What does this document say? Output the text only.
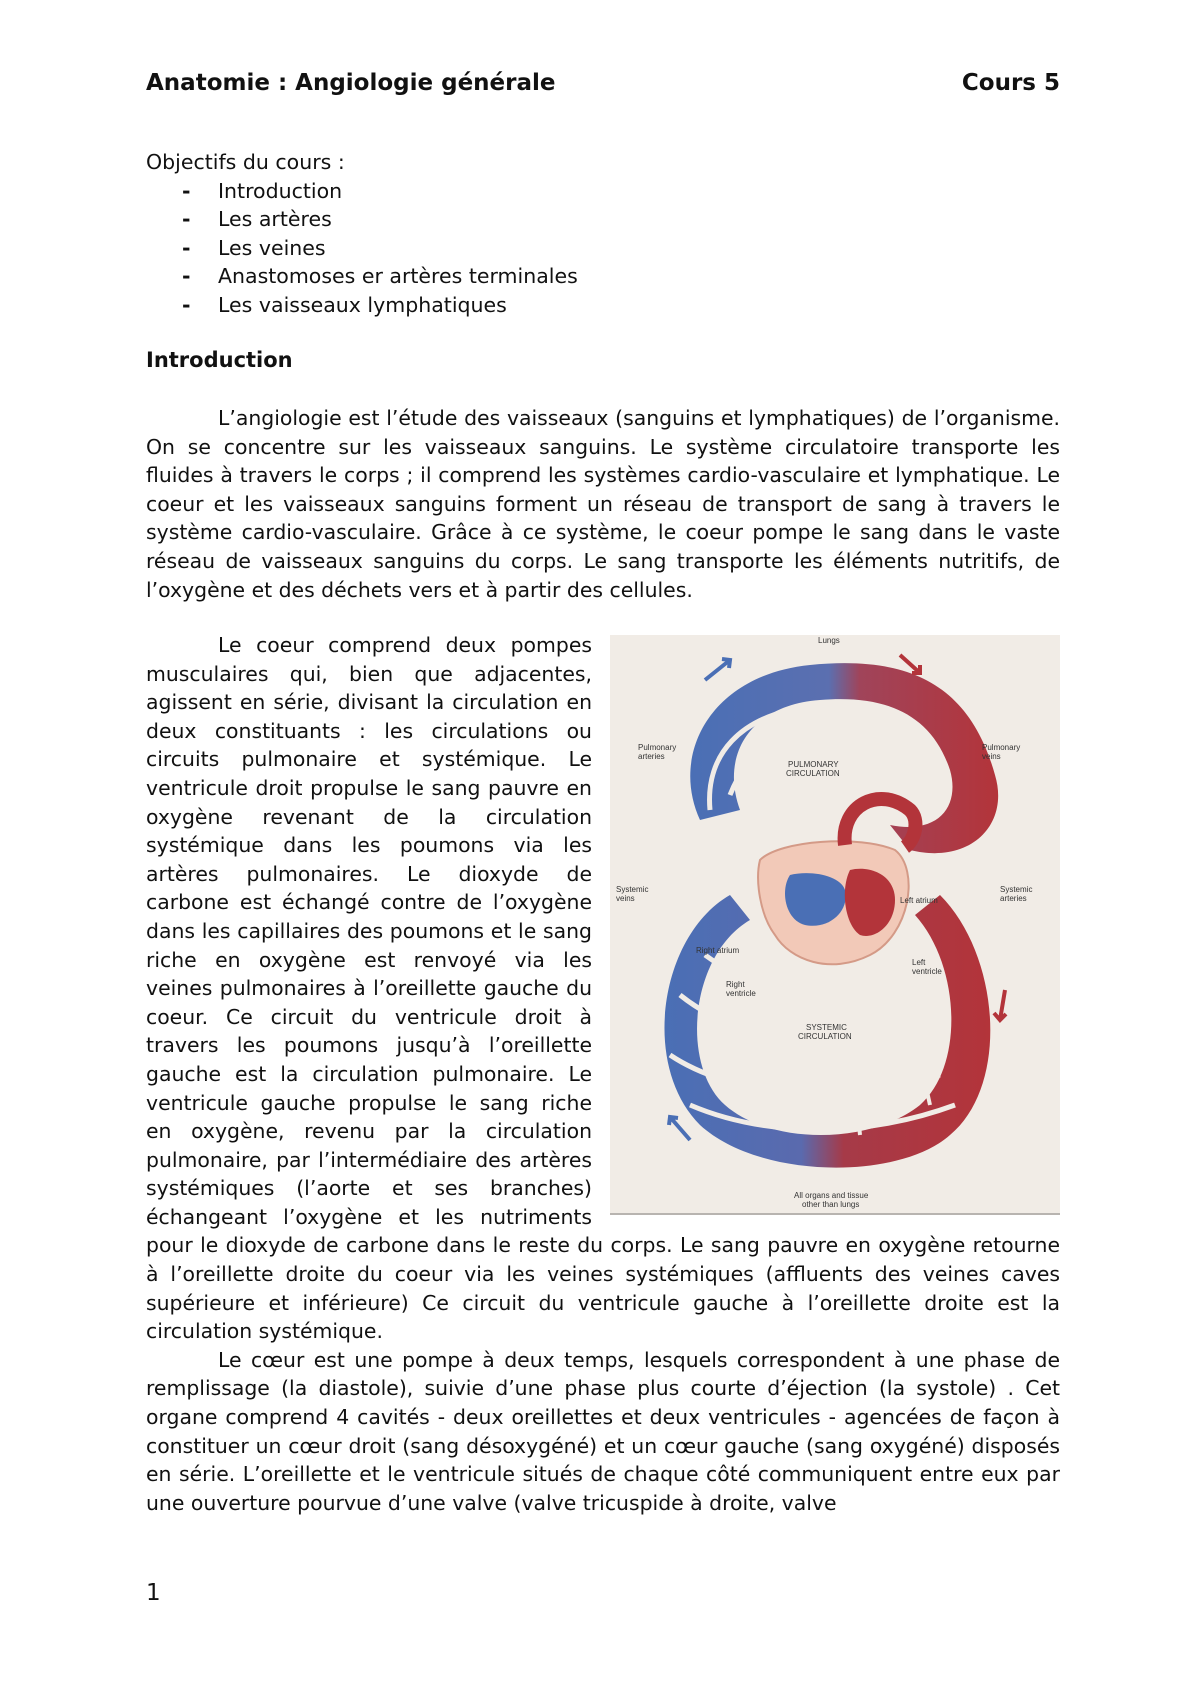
Anatomie : Angiologie générale	Cours 5
Objectifs du cours :
-	Introduction
-	Les artères
-	Les veines
-	Anastomoses er artères terminales
-	Les vaisseaux lymphatiques
Introduction

L’angiologie est l’étude des vaisseaux (sanguins et lymphatiques) de l’organisme. On se concentre sur les vaisseaux sanguins. Le système circulatoire transporte les fluides à travers le corps ; il comprend les systèmes cardio-vasculaire et lymphatique. Le coeur et les vaisseaux sanguins forment un réseau de transport de sang à travers le système cardio-vasculaire. Grâce à ce système, le coeur pompe le sang dans le vaste réseau de vaisseaux sanguins du corps. Le sang transporte les éléments nutritifs, de l’oxygène et des déchets vers et à partir des cellules.

Lungs
Pulmonary
arteries
Pulmonary
veins
PULMONARY
CIRCULATION
Systemic
veins
Systemic
arteries
Left atrium
Right atrium
Left
ventricle
Right
ventricle
SYSTEMIC
CIRCULATION
All organs and tissue
other than lungs

Le coeur comprend deux pompes musculaires qui, bien que adjacentes, agissent en série, divisant la circulation en deux constituants : les circulations ou circuits pulmonaire et systémique. Le ventricule droit propulse le sang pauvre en oxygène revenant de la circulation systémique dans les poumons via les artères pulmonaires. Le dioxyde de carbone est échangé contre de l’oxygène dans les capillaires des poumons et le sang riche en oxygène est renvoyé via les veines pulmonaires à l’oreillette gauche du coeur. Ce circuit du ventricule droit à travers les poumons jusqu’à l’oreillette gauche est la circulation pulmonaire. Le ventricule gauche propulse le sang riche en oxygène, revenu par la circulation pulmonaire, par l’intermédiaire des artères systémiques (l’aorte et ses branches) échangeant l’oxygène et les nutriments pour le dioxyde de carbone dans le reste du corps. Le sang pauvre en oxygène retourne à l’oreillette droite du coeur via les veines systémiques (affluents des veines caves supérieure et inférieure) Ce circuit du ventricule gauche à l’oreillette droite est la circulation systémique.

Le cœur est une pompe à deux temps, lesquels correspondent à une phase de remplissage (la diastole), suivie d’une phase plus courte d’éjection (la systole) . Cet organe comprend 4 cavités - deux oreillettes et deux ventricules - agencées de façon à constituer un cœur droit (sang désoxygéné) et un cœur gauche (sang oxygéné) disposés en série. L’oreillette et le ventricule situés de chaque côté communiquent entre eux par une ouverture pourvue d’une valve (valve tricuspide à droite, valve

1
